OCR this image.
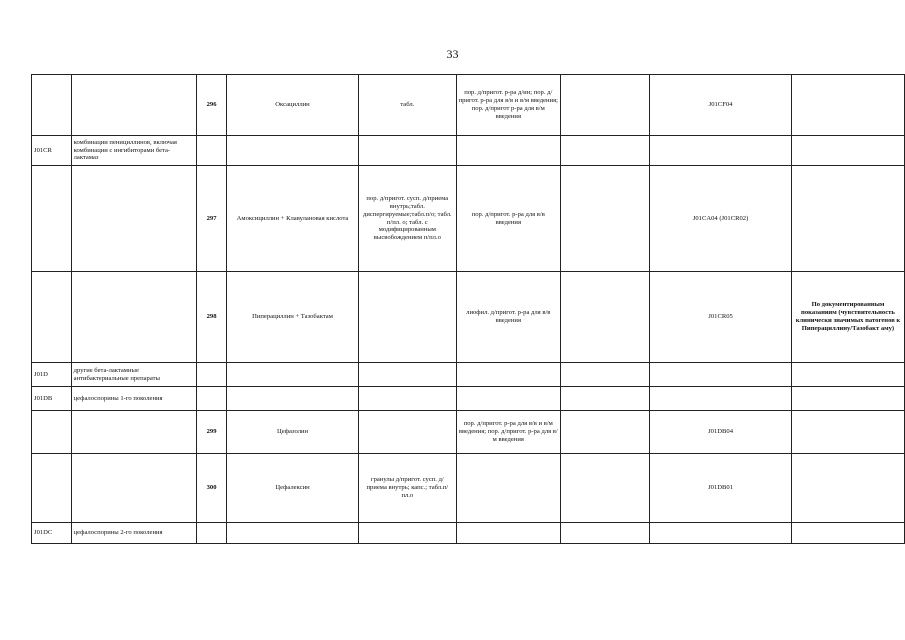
33
		296	Оксациллин	табл.	пор. д/пригот. р-ра д/ин; пор. д/пригот. р-ра для в/в и в/м введения; пор. д/пригот р-ра для в/м введения		J01CF04	
J01CR	комбинации пенициллинов, включая комбинации с ингибиторами бета-лактамаз							
		297	Амоксициллин + Клавулановая кислота	пор. д/пригот. сусп. д/приема внутрь;табл. диспергируемые;табл.п/о; табл. п/пл. о; табл. с модифицированным высвобождением п/пл.о	пор. д/пригот. р-ра для в/в введения		J01CA04 (J01CR02)	
		298	Пиперациллин + Тазобактам		лиофил. д/пригот. р-ра для в/в введения		J01CR05	По документированным показаниям (чувствительность клинически значимых патогенов к Пиперациллину/Тазобакт аму)
J01D	другие бета-лактамные антибактериальные препараты							
J01DB	цефалоспорины 1-го поколения							
		299	Цефазолин		пор. д/пригот. р-ра для в/в и в/м введения; пор. д/пригот. р-ра для в/м введения		J01DB04	
		300	Цефалексин	гранулы д/пригот. сусп. д/приема внутрь; капс.; табл.п/пл.о			J01DB01	
J01DC	цефалоспорины 2-го поколения							
